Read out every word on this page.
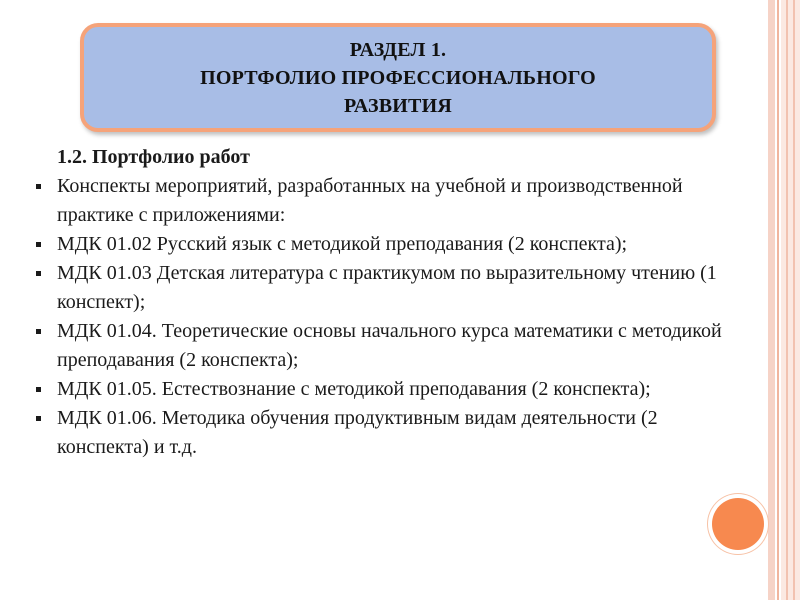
РАЗДЕЛ 1.
ПОРТФОЛИО ПРОФЕССИОНАЛЬНОГО
РАЗВИТИЯ

1.2. Портфолио работ

Конспекты мероприятий, разработанных на учебной и производственной практике с приложениями:
МДК 01.02 Русский язык с методикой преподавания (2 конспекта);
МДК 01.03 Детская литература с практикумом по выразительному чтению (1 конспект);
МДК 01.04. Теоретические основы начального курса математики с методикой преподавания (2 конспекта);
МДК 01.05. Естествознание с методикой преподавания (2 конспекта);
МДК 01.06. Методика обучения продуктивным видам деятельности (2 конспекта) и т.д.
